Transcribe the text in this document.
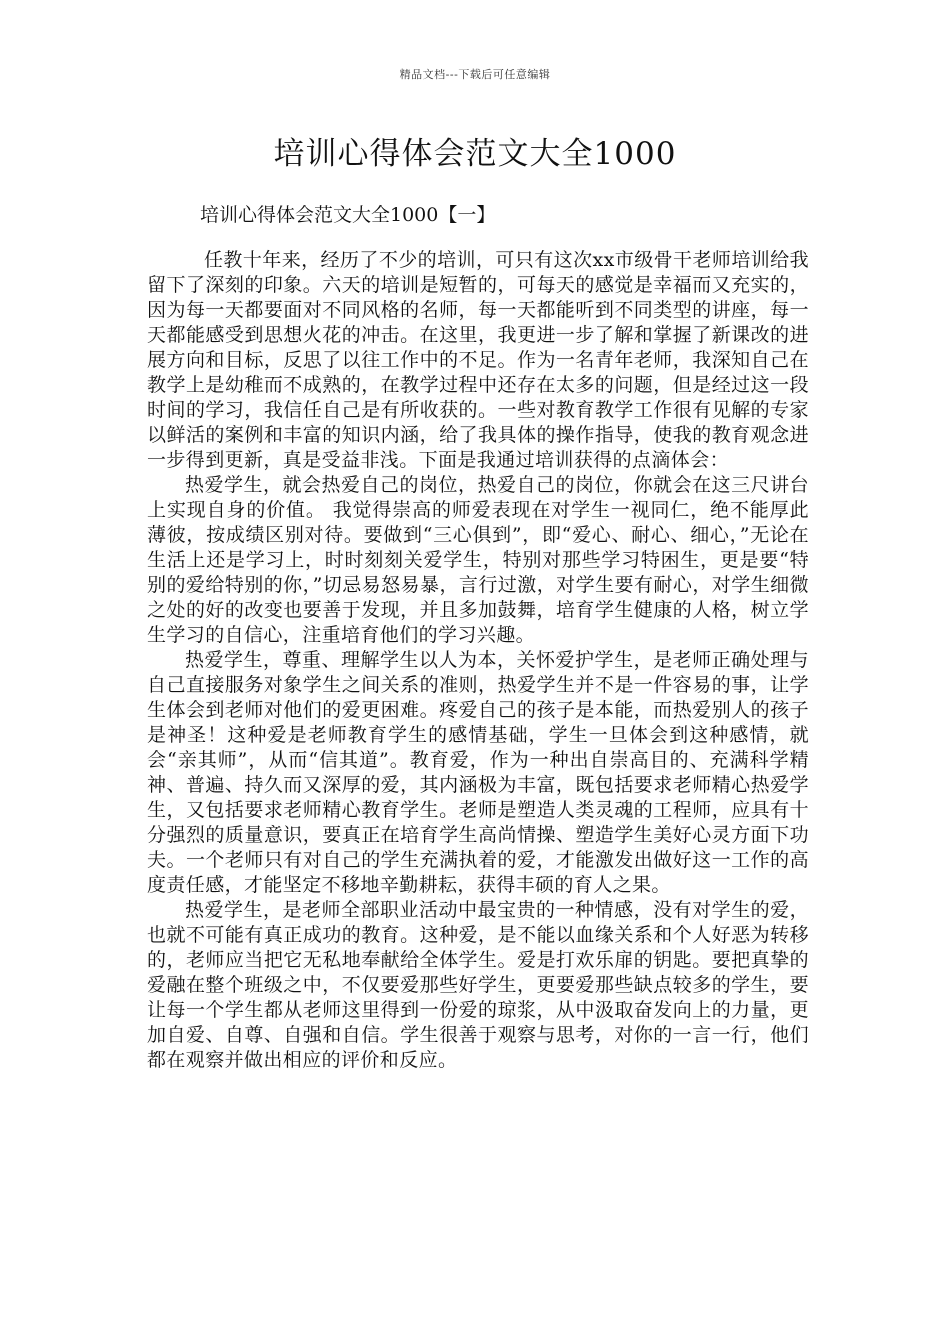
精品文档---下载后可任意编辑
培训心得体会范文大全1000
培训心得体会范文大全1000【一】

任教十年来，经历了不少的培训，可只有这次xx市级骨干老师培训给我留下了深刻的印象。六天的培训是短暂的，可每天的感觉是幸福而又充实的，因为每一天都要面对不同风格的名师，每一天都能听到不同类型的讲座，每一天都能感受到思想火花的冲击。在这里，我更进一步了解和掌握了新课改的进展方向和目标，反思了以往工作中的不足。作为一名青年老师，我深知自己在教学上是幼稚而不成熟的，在教学过程中还存在太多的问题，但是经过这一段时间的学习，我信任自己是有所收获的。一些对教育教学工作很有见解的专家以鲜活的案例和丰富的知识内涵，给了我具体的操作指导，使我的教育观念进一步得到更新，真是受益非浅。下面是我通过培训获得的点滴体会：

热爱学生，就会热爱自己的岗位，热爱自己的岗位，你就会在这三尺讲台上实现自身的价值。 我觉得崇高的师爱表现在对学生一视同仁，绝不能厚此薄彼，按成绩区别对待。要做到“三心俱到”，即“爱心、耐心、细心，”无论在生活上还是学习上，时时刻刻关爱学生，特别对那些学习特困生，更是要“特别的爱给特别的你，”切忌易怒易暴，言行过激，对学生要有耐心，对学生细微之处的好的改变也要善于发现，并且多加鼓舞，培育学生健康的人格，树立学生学习的自信心，注重培育他们的学习兴趣。

热爱学生，尊重、理解学生以人为本，关怀爱护学生，是老师正确处理与自己直接服务对象学生之间关系的准则，热爱学生并不是一件容易的事，让学生体会到老师对他们的爱更困难。疼爱自己的孩子是本能，而热爱别人的孩子是神圣！这种爱是老师教育学生的感情基础，学生一旦体会到这种感情，就会“亲其师”，从而“信其道”。教育爱，作为一种出自崇高目的、充满科学精神、普遍、持久而又深厚的爱，其内涵极为丰富，既包括要求老师精心热爱学生，又包括要求老师精心教育学生。老师是塑造人类灵魂的工程师，应具有十分强烈的质量意识，要真正在培育学生高尚情操、塑造学生美好心灵方面下功夫。一个老师只有对自己的学生充满执着的爱，才能激发出做好这一工作的高度责任感，才能坚定不移地辛勤耕耘，获得丰硕的育人之果。

热爱学生，是老师全部职业活动中最宝贵的一种情感，没有对学生的爱，也就不可能有真正成功的教育。这种爱，是不能以血缘关系和个人好恶为转移的，老师应当把它无私地奉献给全体学生。爱是打欢乐扉的钥匙。要把真挚的爱融在整个班级之中，不仅要爱那些好学生，更要爱那些缺点较多的学生，要让每一个学生都从老师这里得到一份爱的琼浆，从中汲取奋发向上的力量，更加自爱、自尊、自强和自信。学生很善于观察与思考，对你的一言一行，他们都在观察并做出相应的评价和反应。
